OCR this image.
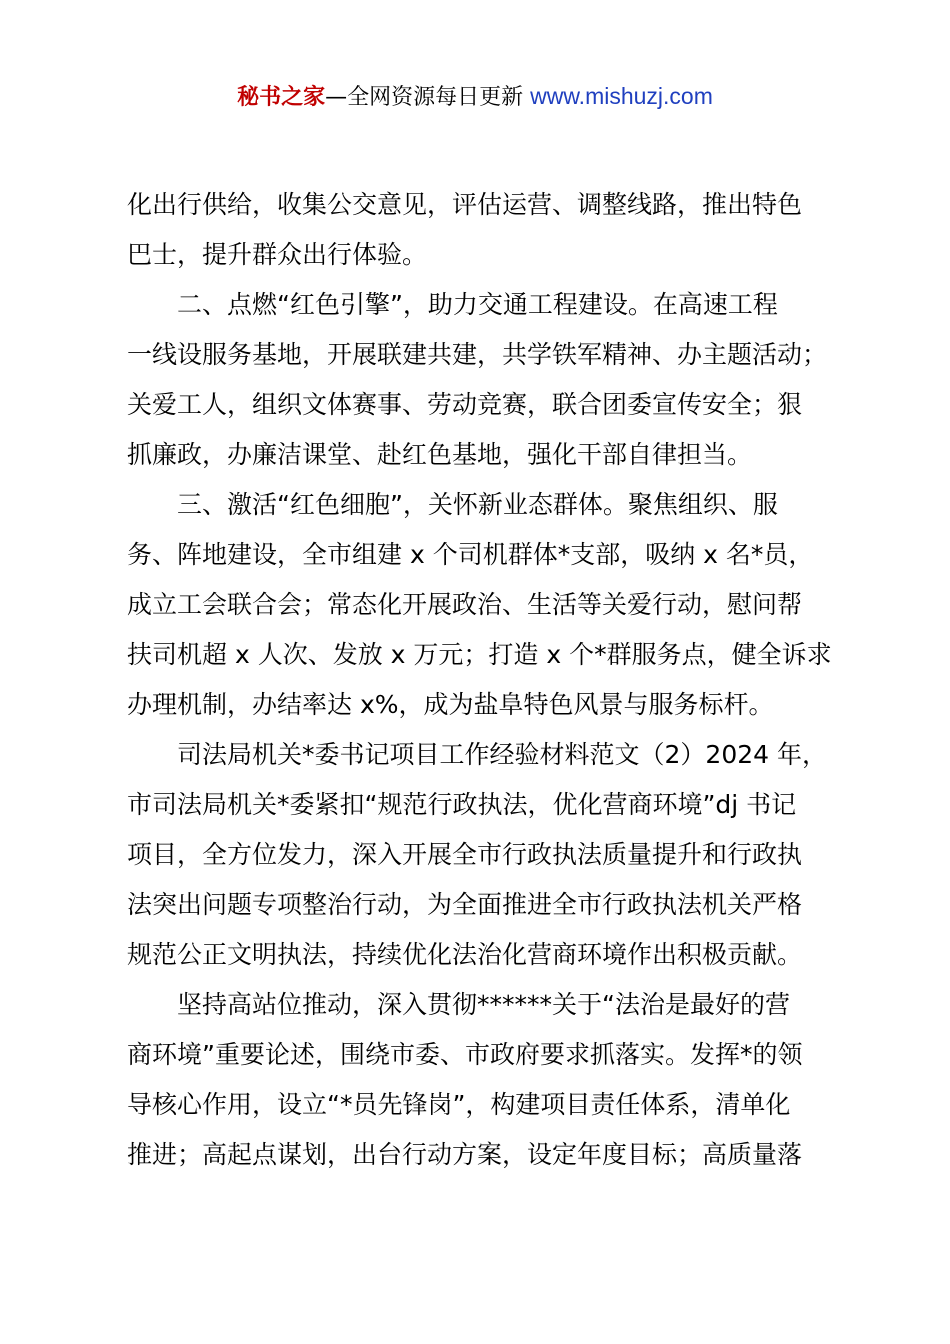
秘书之家—全网资源每日更新 www.mishuzj.com

化出行供给，收集公交意见，评估运营、调整线路，推出特色

巴士，提升群众出行体验。

二、点燃“红色引擎”，助力交通工程建设。在高速工程

一线设服务基地，开展联建共建，共学铁军精神、办主题活动；

关爱工人，组织文体赛事、劳动竞赛，联合团委宣传安全；狠

抓廉政，办廉洁课堂、赴红色基地，强化干部自律担当。

三、激活“红色细胞”，关怀新业态群体。聚焦组织、服

务、阵地建设，全市组建 x 个司机群体*支部，吸纳 x 名*员，

成立工会联合会；常态化开展政治、生活等关爱行动，慰问帮

扶司机超 x 人次、发放 x 万元；打造 x 个*群服务点，健全诉求

办理机制，办结率达 x%，成为盐阜特色风景与服务标杆。

司法局机关*委书记项目工作经验材料范文（2）2024 年，

市司法局机关*委紧扣“规范行政执法，优化营商环境”dj 书记

项目，全方位发力，深入开展全市行政执法质量提升和行政执

法突出问题专项整治行动，为全面推进全市行政执法机关严格

规范公正文明执法，持续优化法治化营商环境作出积极贡献。

坚持高站位推动，深入贯彻******关于“法治是最好的营

商环境”重要论述，围绕市委、市政府要求抓落实。发挥*的领

导核心作用，设立“*员先锋岗”，构建项目责任体系，清单化

推进；高起点谋划，出台行动方案，设定年度目标；高质量落
